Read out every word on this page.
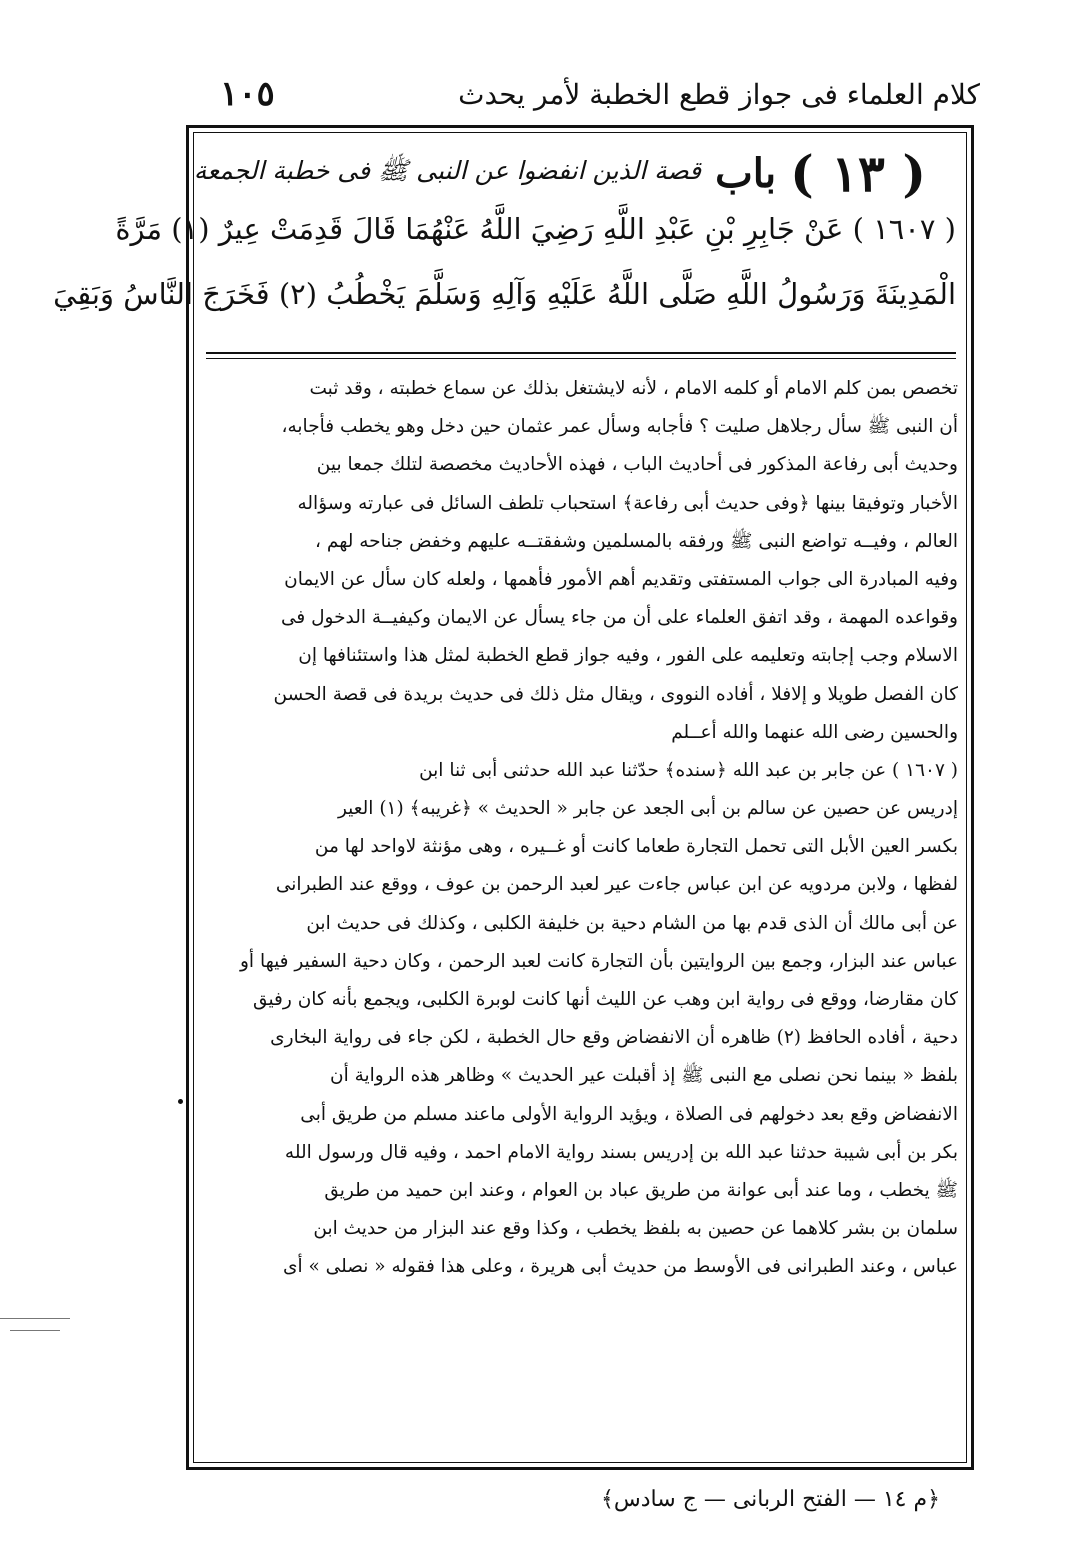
كلام العلماء فى جواز قطع الخطبة لأمر يحدث
١٠٥
( ١٣ )
باب
قصة الذين انفضوا عن النبى ﷺ فى خطبة الجمعة
( ١٦٠٧ ) عَنْ جَابِرِ بْنِ عَبْدِ اللَّهِ رَضِيَ اللَّهُ عَنْهُمَا قَالَ قَدِمَتْ عِيرٌ (١) مَرَّةً
الْمَدِينَةَ وَرَسُولُ اللَّهِ صَلَّى اللَّهُ عَلَيْهِ وَآلِهِ وَسَلَّمَ يَخْطُبُ (٢) فَخَرَجَ النَّاسُ وَبَقِيَ
تخصص بمن كلم الامام أو كلمه الامام ، لأنه لايشتغل بذلك عن سماع خطبته ، وقد ثبت
أن النبى ﷺ سأل رجلاهل صليت ؟ فأجابه وسأل عمر عثمان حين دخل وهو يخطب فأجابه،
وحديث أبى رفاعة المذكور فى أحاديث الباب ، فهذه الأحاديث مخصصة لتلك جمعا بين
الأخبار وتوفيقا بينها ﴿وفى حديث أبى رفاعة﴾ استحباب تلطف السائل فى عبارته وسؤاله
العالم ، وفيــه تواضع النبى ﷺ ورفقه بالمسلمين وشفقتــه عليهم وخفض جناحه لهم ،
وفيه المبادرة الى جواب المستفتى وتقديم أهم الأمور فأهمها ، ولعله كان سأل عن الايمان
وقواعده المهمة ، وقد اتفق العلماء على أن من جاء يسأل عن الايمان وكيفيــة الدخول فى
الاسلام وجب إجابته وتعليمه على الفور ، وفيه جواز قطع الخطبة لمثل هذا واستئنافها إن
كان الفصل طويلا و إلافلا ، أفاده النووى ، ويقال مثل ذلك فى حديث بريدة فى قصة الحسن
والحسين رضى الله عنهما والله أعــلم
( ١٦٠٧ ) عن جابر بن عبد الله ﴿سنده﴾ حدّثنا عبد الله حدثنى أبى ثنا ابن
إدريس عن حصين عن سالم بن أبى الجعد عن جابر « الحديث » ﴿غريبه﴾ (١) العير
بكسر العين الأبل التى تحمل التجارة طعاما كانت أو غــيره ، وهى مؤنثة لاواحد لها من
لفظها ، ولابن مردويه عن ابن عباس جاءت عير لعبد الرحمن بن عوف ، ووقع عند الطبرانى
عن أبى مالك أن الذى قدم بها من الشام دحية بن خليفة الكلبى ، وكذلك فى حديث ابن
عباس عند البزار، وجمع بين الروايتين بأن التجارة كانت لعبد الرحمن ، وكان دحية السفير فيها أو
كان مقارضا، ووقع فى رواية ابن وهب عن الليث أنها كانت لوبرة الكلبى، ويجمع بأنه كان رفيق
دحية ، أفاده الحافظ (٢) ظاهره أن الانفضاض وقع حال الخطبة ، لكن جاء فى رواية البخارى
بلفظ « بينما نحن نصلى مع النبى ﷺ إذ أقبلت عير الحديث » وظاهر هذه الرواية أن
الانفضاض وقع بعد دخولهم فى الصلاة ، ويؤيد الرواية الأولى ماعند مسلم من طريق أبى
بكر بن أبى شيبة حدثنا عبد الله بن إدريس بسند رواية الامام احمد ، وفيه قال ورسول الله
ﷺ يخطب ، وما عند أبى عوانة من طريق عباد بن العوام ، وعند ابن حميد من طريق
سلمان بن بشر كلاهما عن حصين به بلفظ يخطب ، وكذا وقع عند البزار من حديث ابن
عباس ، وعند الطبرانى فى الأوسط من حديث أبى هريرة ، وعلى هذا فقوله « نصلى » أى
﴿م ١٤ — الفتح الربانى — ج سادس﴾
